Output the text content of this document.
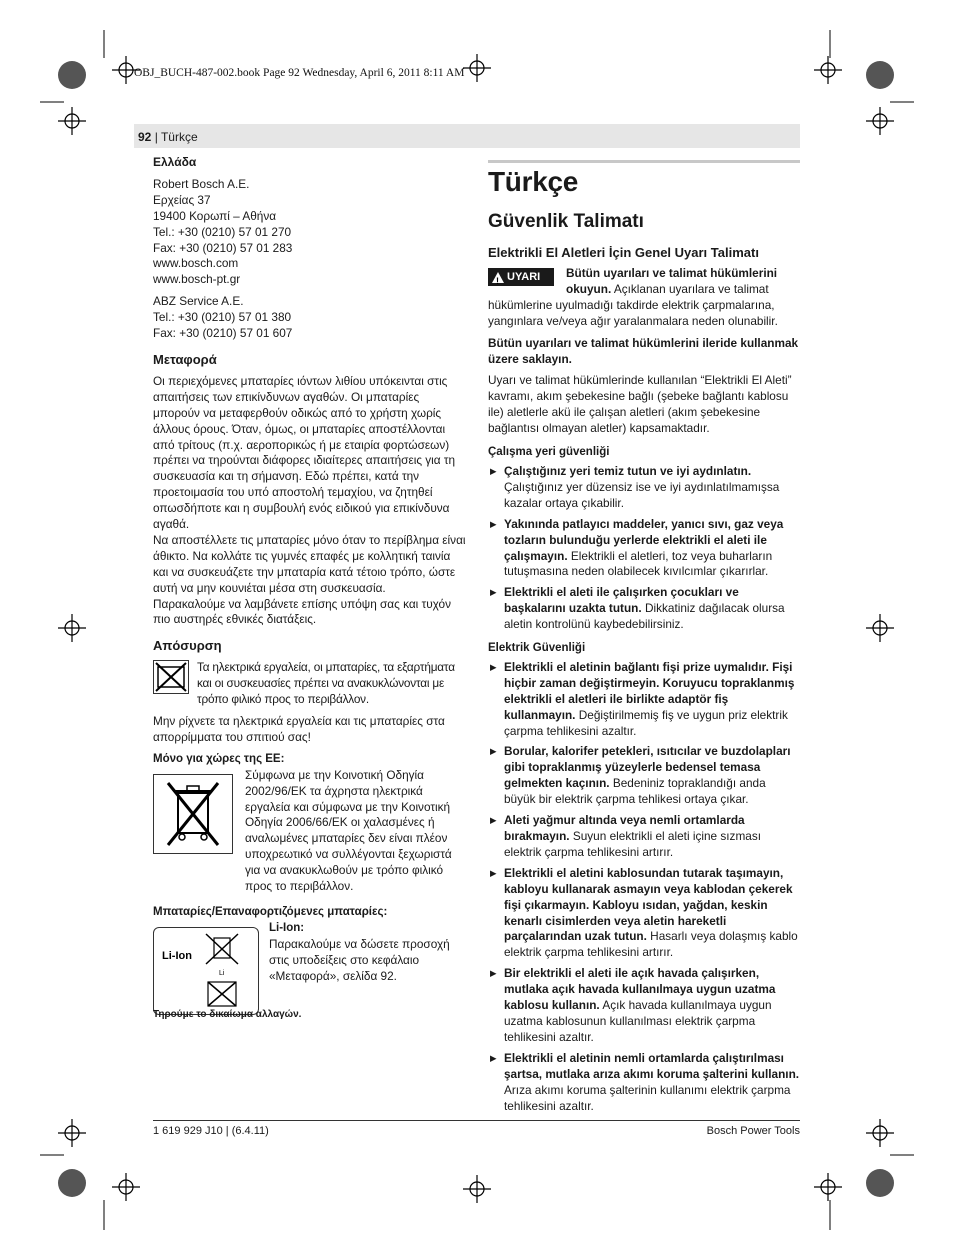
OBJ_BUCH-487-002.book Page 92 Wednesday, April 6, 2011 8:11 AM
92 | Türkçe

Ελλάδα

Robert Bosch A.E.
Ερχείας 37
19400 Κορωπί – Αθήνα
Tel.: +30 (0210) 57 01 270
Fax: +30 (0210) 57 01 283
www.bosch.com
www.bosch-pt.gr
ABZ Service A.E.
Tel.: +30 (0210) 57 01 380
Fax: +30 (0210) 57 01 607

Μεταφορά

Οι περιεχόμενες μπαταρίες ιόντων λιθίου υπόκεινται στις απαιτήσεις των επικίνδυνων αγαθών. Οι μπαταρίες μπορούν να μεταφερθούν οδικώς από το χρήστη χωρίς άλλους όρους. Όταν, όμως, οι μπαταρίες αποστέλλονται από τρίτους (π.χ. αεροπορικώς ή με εταιρία φορτώσεων) πρέπει να τηρούνται διάφορες ιδιαίτερες απαιτήσεις για τη συσκευασία και τη σήμανση. Εδώ πρέπει, κατά την προετοιμασία του υπό αποστολή τεμαχίου, να ζητηθεί οπωσδήποτε και η συμβουλή ενός ειδικού για επικίνδυνα αγαθά.

Να αποστέλλετε τις μπαταρίες μόνο όταν το περίβλημα είναι άθικτο. Να κολλάτε τις γυμνές επαφές με κολλητική ταινία και να συσκευάζετε την μπαταρία κατά τέτοιο τρόπο, ώστε αυτή να μην κουνιέται μέσα στη συσκευασία.

Παρακαλούμε να λαμβάνετε επίσης υπόψη σας και τυχόν πιο αυστηρές εθνικές διατάξεις.

Απόσυρση

Τα ηλεκτρικά εργαλεία, οι μπαταρίες, τα εξαρτήματα και οι συσκευασίες πρέπει να ανακυκλώνονται με τρόπο φιλικό προς το περιβάλλον.

Μην ρίχνετε τα ηλεκτρικά εργαλεία και τις μπαταρίες στα απορρίμματα του σπιτιού σας!

Μόνο για χώρες της ΕΕ:

Σύμφωνα με την Κοινοτική Οδηγία 2002/96/ΕΚ τα άχρηστα ηλεκτρικά εργαλεία και σύμφωνα με την Κοινοτική Οδηγία 2006/66/ΕΚ οι χαλασμένες ή αναλωμένες μπαταρίες δεν είναι πλέον υποχρεωτικό να συλλέγονται ξεχωριστά για να ανακυκλωθούν με τρόπο φιλικό προς το περιβάλλον.

Μπαταρίες/Επαναφορτιζόμενες μπαταρίες:

Li-Ion
Li

Li-Ion:

Παρακαλούμε να δώσετε προσοχή στις υποδείξεις στο κεφάλαιο «Μεταφορά», σελίδα 92.

Τηρούμε το δικαίωμα αλλαγών.

Türkçe

Güvenlik Talimatı

Elektrikli El Aletleri İçin Genel Uyarı Talimatı

!
UYARI Bütün uyarıları ve talimat hükümlerini okuyun. Açıklanan uyarılara ve talimat hükümlerine uyulmadığı takdirde elektrik çarpmalarına, yangınlara ve/veya ağır yaralanmalara neden olunabilir.

Bütün uyarıları ve talimat hükümlerini ileride kullanmak üzere saklayın.

Uyarı ve talimat hükümlerinde kullanılan “Elektrikli El Aleti” kavramı, akım şebekesine bağlı (şebeke bağlantı kablosu ile) aletlerle akü ile çalışan aletleri (akım şebekesine bağlantısı olmayan aletler) kapsamaktadır.

Çalışma yeri güvenliği

▶ Çalıştığınız yeri temiz tutun ve iyi aydınlatın. Çalıştığınız yer düzensiz ise ve iyi aydınlatılmamışsa kazalar ortaya çıkabilir.
▶ Yakınında patlayıcı maddeler, yanıcı sıvı, gaz veya tozların bulunduğu yerlerde elektrikli el aleti ile çalışmayın. Elektrikli el aletleri, toz veya buharların tutuşmasına neden olabilecek kıvılcımlar çıkarırlar.
▶ Elektrikli el aleti ile çalışırken çocukları ve başkalarını uzakta tutun. Dikkatiniz dağılacak olursa aletin kontrolünü kaybedebilirsiniz.

Elektrik Güvenliği

▶ Elektrikli el aletinin bağlantı fişi prize uymalıdır. Fişi hiçbir zaman değiştirmeyin. Koruyucu topraklanmış elektrikli el aletleri ile birlikte adaptör fiş kullanmayın. Değiştirilmemiş fiş ve uygun priz elektrik çarpma tehlikesini azaltır.
▶ Borular, kalorifer petekleri, ısıtıcılar ve buzdolapları gibi topraklanmış yüzeylerle bedensel temasa gelmekten kaçının. Bedeniniz topraklandığı anda büyük bir elektrik çarpma tehlikesi ortaya çıkar.
▶ Aleti yağmur altında veya nemli ortamlarda bırakmayın. Suyun elektrikli el aleti içine sızması elektrik çarpma tehlikesini artırır.
▶ Elektrikli el aletini kablosundan tutarak taşımayın, kabloyu kullanarak asmayın veya kablodan çekerek fişi çıkarmayın. Kabloyu ısıdan, yağdan, keskin kenarlı cisimlerden veya aletin hareketli parçalarından uzak tutun. Hasarlı veya dolaşmış kablo elektrik çarpma tehlikesini artırır.
▶ Bir elektrikli el aleti ile açık havada çalışırken, mutlaka açık havada kullanılmaya uygun uzatma kablosu kullanın. Açık havada kullanılmaya uygun uzatma kablosunun kullanılması elektrik çarpma tehlikesini azaltır.
▶ Elektrikli el aletinin nemli ortamlarda çalıştırılması şartsa, mutlaka arıza akımı koruma şalterini kullanın. Arıza akımı koruma şalterinin kullanımı elektrik çarpma tehlikesini azaltır.
1 619 929 J10 | (6.4.11)	Bosch Power Tools
